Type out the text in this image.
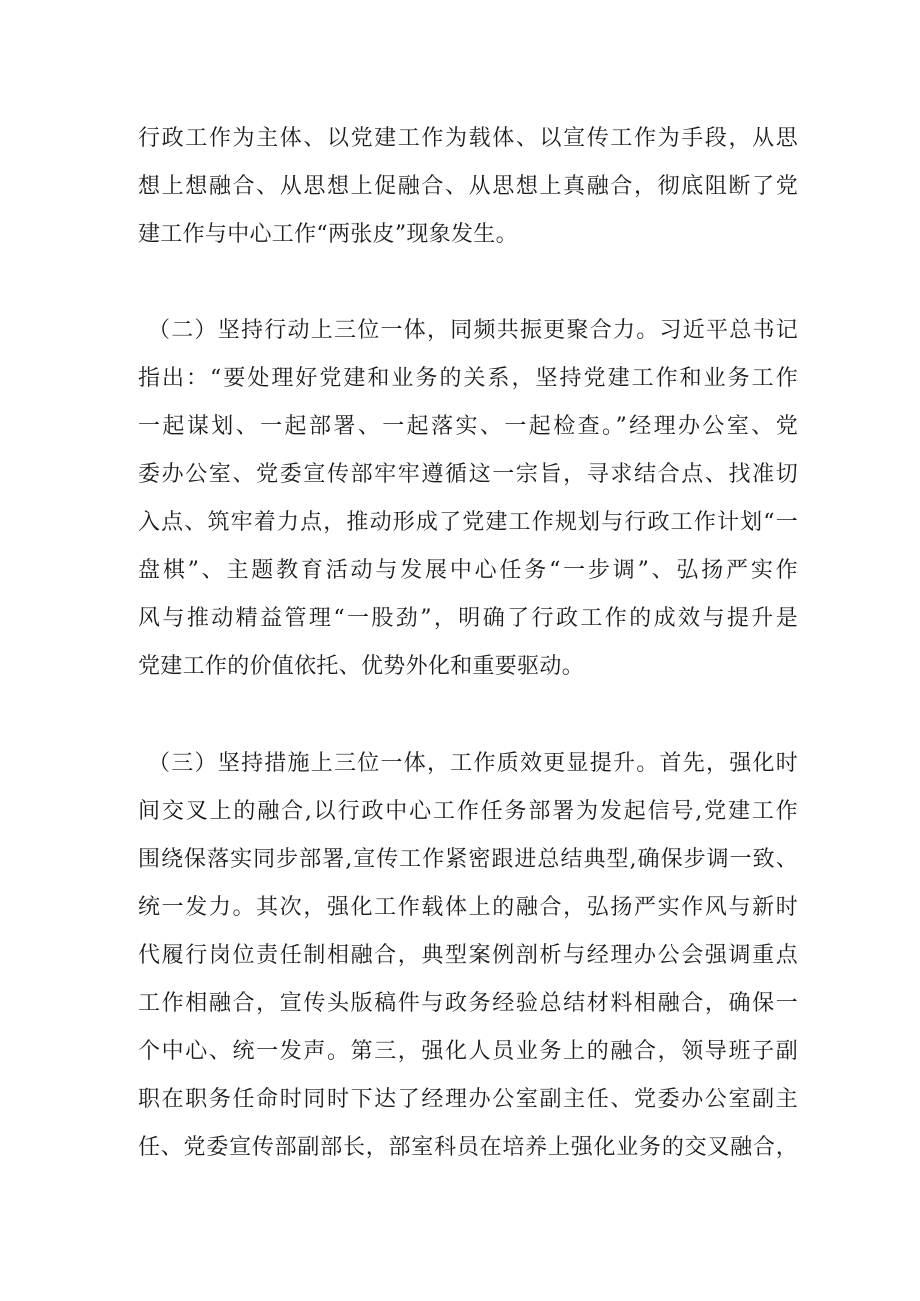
行政工作为主体、以党建工作为载体、以宣传工作为手段，从思
想上想融合、从思想上促融合、从思想上真融合，彻底阻断了党
建工作与中心工作“两张皮”现象发生。
（二）坚持行动上三位一体，同频共振更聚合力。习近平总书记
指出：“要处理好党建和业务的关系，坚持党建工作和业务工作
一起谋划、一起部署、一起落实、一起检查。”经理办公室、党
委办公室、党委宣传部牢牢遵循这一宗旨，寻求结合点、找准切
入点、筑牢着力点，推动形成了党建工作规划与行政工作计划“一
盘棋”、主题教育活动与发展中心任务“一步调”、弘扬严实作
风与推动精益管理“一股劲”，明确了行政工作的成效与提升是
党建工作的价值依托、优势外化和重要驱动。
（三）坚持措施上三位一体，工作质效更显提升。首先，强化时
间交叉上的融合,以行政中心工作任务部署为发起信号,党建工作
围绕保落实同步部署,宣传工作紧密跟进总结典型,确保步调一致、
统一发力。其次，强化工作载体上的融合，弘扬严实作风与新时
代履行岗位责任制相融合，典型案例剖析与经理办公会强调重点
工作相融合，宣传头版稿件与政务经验总结材料相融合，确保一
个中心、统一发声。第三，强化人员业务上的融合，领导班子副
职在职务任命时同时下达了经理办公室副主任、党委办公室副主
任、党委宣传部副部长，部室科员在培养上强化业务的交叉融合，
